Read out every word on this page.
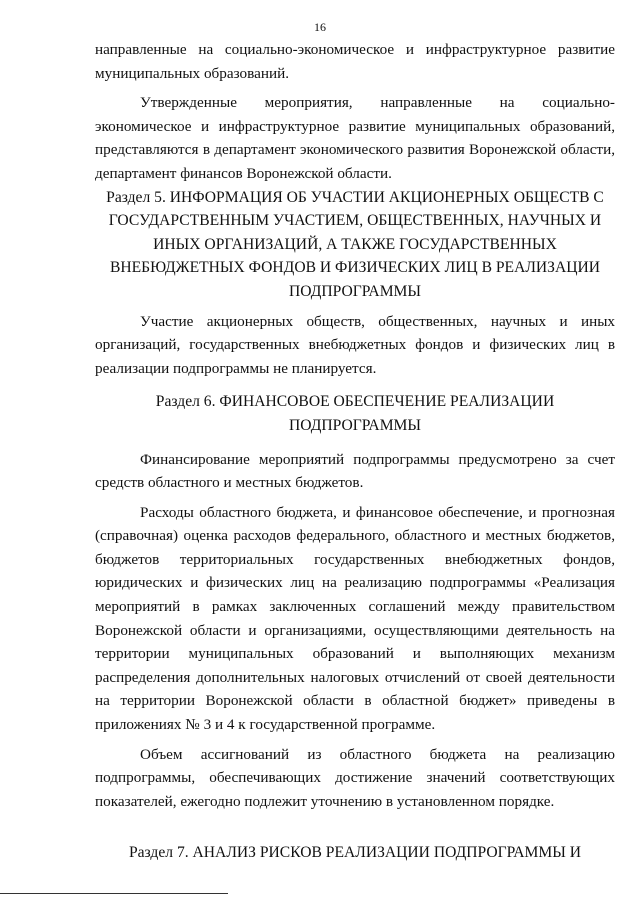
16

направленные на социально-экономическое и инфраструктурное развитие муниципальных образований.

Утвержденные мероприятия, направленные на социально-экономическое и инфраструктурное развитие муниципальных образований, представляются в департамент экономического развития Воронежской области, департамент финансов Воронежской области.

Раздел 5. ИНФОРМАЦИЯ ОБ УЧАСТИИ АКЦИОНЕРНЫХ ОБЩЕСТВ С ГОСУДАРСТВЕННЫМ УЧАСТИЕМ, ОБЩЕСТВЕННЫХ, НАУЧНЫХ И ИНЫХ ОРГАНИЗАЦИЙ, А ТАКЖЕ ГОСУДАРСТВЕННЫХ ВНЕБЮДЖЕТНЫХ ФОНДОВ И ФИЗИЧЕСКИХ ЛИЦ В РЕАЛИЗАЦИИ ПОДПРОГРАММЫ

Участие акционерных обществ, общественных, научных и иных организаций, государственных внебюджетных фондов и физических лиц в реализации подпрограммы не планируется.

Раздел 6. ФИНАНСОВОЕ ОБЕСПЕЧЕНИЕ РЕАЛИЗАЦИИ ПОДПРОГРАММЫ

Финансирование мероприятий подпрограммы предусмотрено за счет средств областного и местных бюджетов.

Расходы областного бюджета, и финансовое обеспечение, и прогнозная (справочная) оценка расходов федерального, областного и местных бюджетов, бюджетов территориальных государственных внебюджетных фондов, юридических и физических лиц на реализацию подпрограммы «Реализация мероприятий в рамках заключенных соглашений между правительством Воронежской области и организациями, осуществляющими деятельность на территории муниципальных образований и выполняющих механизм распределения дополнительных налоговых отчислений от своей деятельности на территории Воронежской области в областной бюджет» приведены в приложениях № 3 и 4 к государственной программе.

Объем ассигнований из областного бюджета на реализацию подпрограммы, обеспечивающих достижение значений соответствующих показателей, ежегодно подлежит уточнению в установленном порядке.

Раздел 7. АНАЛИЗ РИСКОВ РЕАЛИЗАЦИИ ПОДПРОГРАММЫ И
